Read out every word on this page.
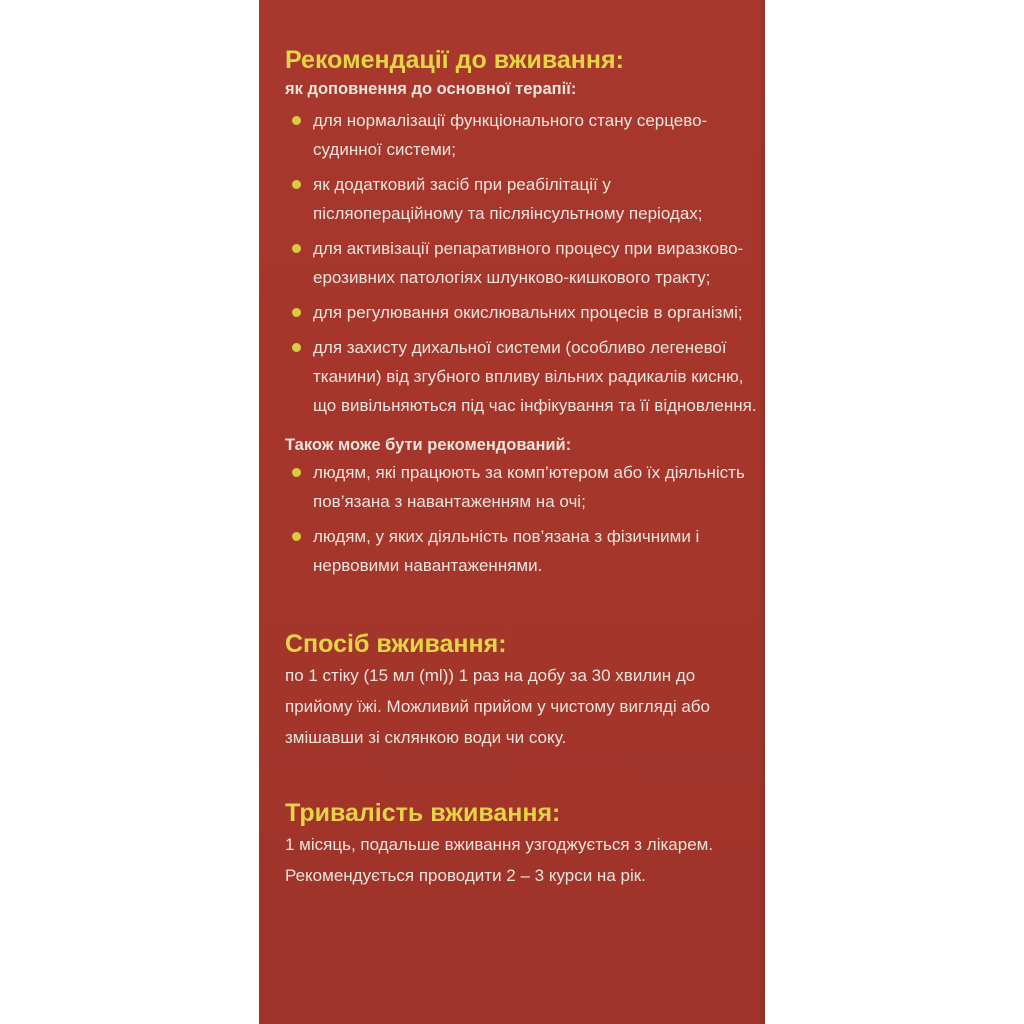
Рекомендації до вживання:
як доповнення до основної терапії:
для нормалізації функціонального стану серцево-судинної системи;
як додатковий засіб при реабілітації у післяопераційному та післяінсультному періодах;
для активізації репаративного процесу при виразково-ерозивних патологіях шлунково-кишкового тракту;
для регулювання окислювальних процесів в організмі;
для захисту дихальної системи (особливо легеневої тканини) від згубного впливу вільних радикалів кисню, що вивільняються під час інфікування та її відновлення.
Також може бути рекомендований:
людям, які працюють за комп’ютером або їх діяльність пов’язана з навантаженням на очі;
людям, у яких діяльність пов’язана з фізичними і нервовими навантаженнями.
Спосіб вживання:

по 1 стіку (15 мл (ml)) 1 раз на добу за 30 хвилин до прийому їжі. Можливий прийом у чистому вигляді або змішавши зі склянкою води чи соку.

Тривалість вживання:

1 місяць, подальше вживання узгоджується з лікарем. Рекомендується проводити 2 – 3 курси на рік.
